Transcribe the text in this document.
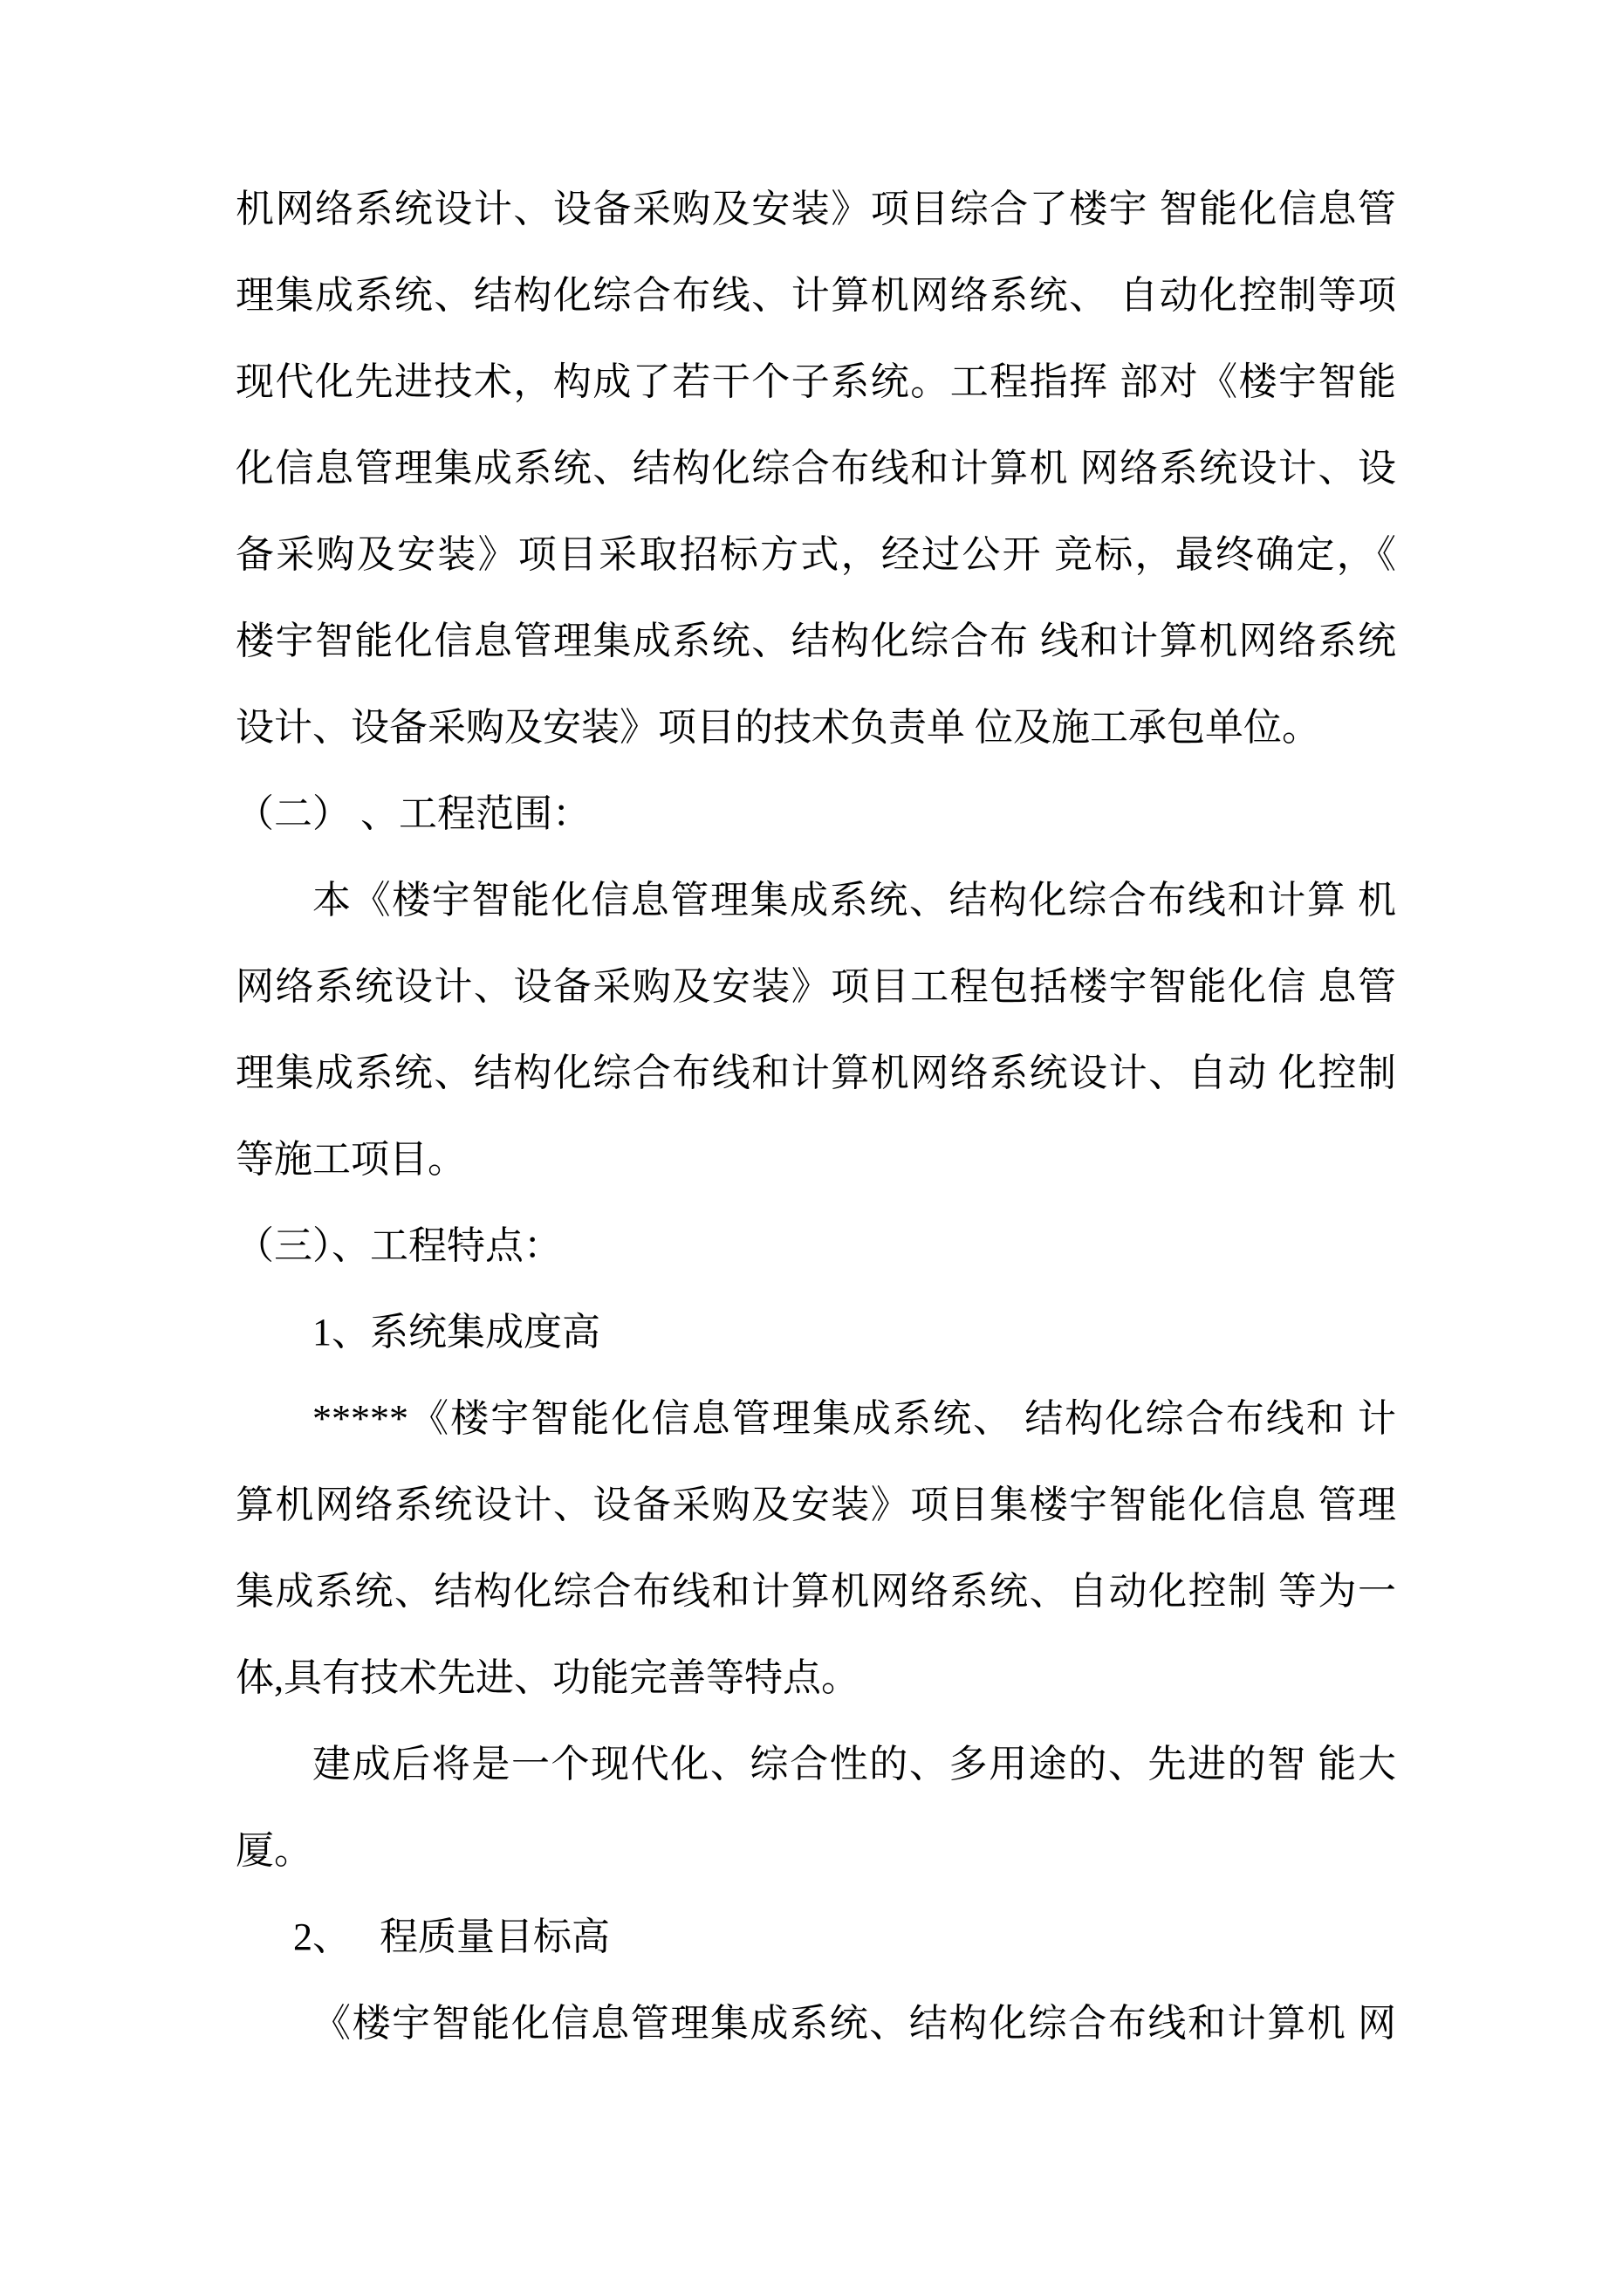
机网络系统设计、设备采购及安装》项目综合了楼宇 智能化信息管
理集成系统、结构化综合布线、计算机网络系统、 自动化控制等项
现代化先进技术，构成了若干个子系统。工程指挥 部对《楼宇智能
化信息管理集成系统、结构化综合布线和计算机 网络系统设计、设
备采购及安装》项目采取招标方式，经过公开 竞标，最终确定，《
楼宇智能化信息管理集成系统、结构化综合布 线和计算机网络系统
设计、设备采购及安装》项目的技术负责单 位及施工承包单位。
（二） 、工程范围：
本《楼宇智能化信息管理集成系统、结构化综合布线和计算 机
网络系统设计、设备采购及安装》项目工程包括楼宇智能化信 息管
理集成系统、结构化综合布线和计算机网络系统设计、自动 化控制
等施工项目。
（三）、工程特点：
1、系统集成度高
*****《楼宇智能化信息管理集成系统、 结构化综合布线和 计
算机网络系统设计、设备采购及安装》项目集楼宇智能化信息 管理
集成系统、结构化综合布线和计算机网络系统、自动化控制 等为一
体,具有技术先进、功能完善等特点。
建成后将是一个现代化、综合性的、多用途的、先进的智 能大
厦。
2、　 程质量目标高
《楼宇智能化信息管理集成系统、结构化综合布线和计算机 网
